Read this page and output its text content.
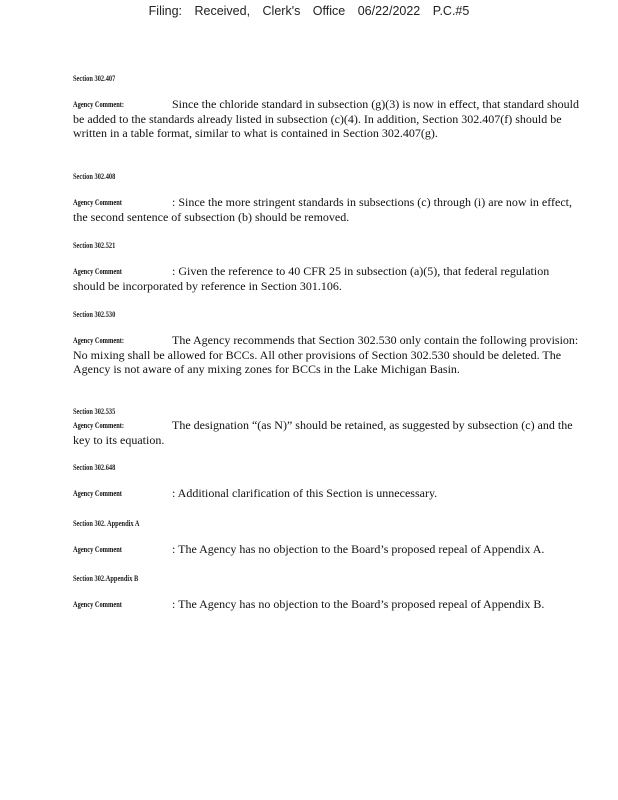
Filing: Received, Clerk's Office 06/22/2022 P.C.#5
Section 302.407
Agency Comment:	Since the chloride standard in subsection (g)(3) is now in effect, that standard should be added to the standards already listed in subsection (c)(4). In addition, Section 302.407(f) should be written in a table format, similar to what is contained in Section 302.407(g).
Section 302.408
Agency Comment	: Since the more stringent standards in subsections (c) through (i) are now in effect, the second sentence of subsection (b) should be removed.
Section 302.521
Agency Comment	: Given the reference to 40 CFR 25 in subsection (a)(5), that federal regulation should be incorporated by reference in Section 301.106.
Section 302.530
Agency Comment:	The Agency recommends that Section 302.530 only contain the following provision: No mixing shall be allowed for BCCs. All other provisions of Section 302.530 should be deleted. The Agency is not aware of any mixing zones for BCCs in the Lake Michigan Basin.
Section 302.535
Agency Comment:	The designation “(as N)” should be retained, as suggested by subsection (c) and the key to its equation.
Section 302.648
Agency Comment	: Additional clarification of this Section is unnecessary.
Section 302. Appendix A
Agency Comment	: The Agency has no objection to the Board’s proposed repeal of Appendix A.
Section 302.Appendix B
Agency Comment	: The Agency has no objection to the Board’s proposed repeal of Appendix B.
